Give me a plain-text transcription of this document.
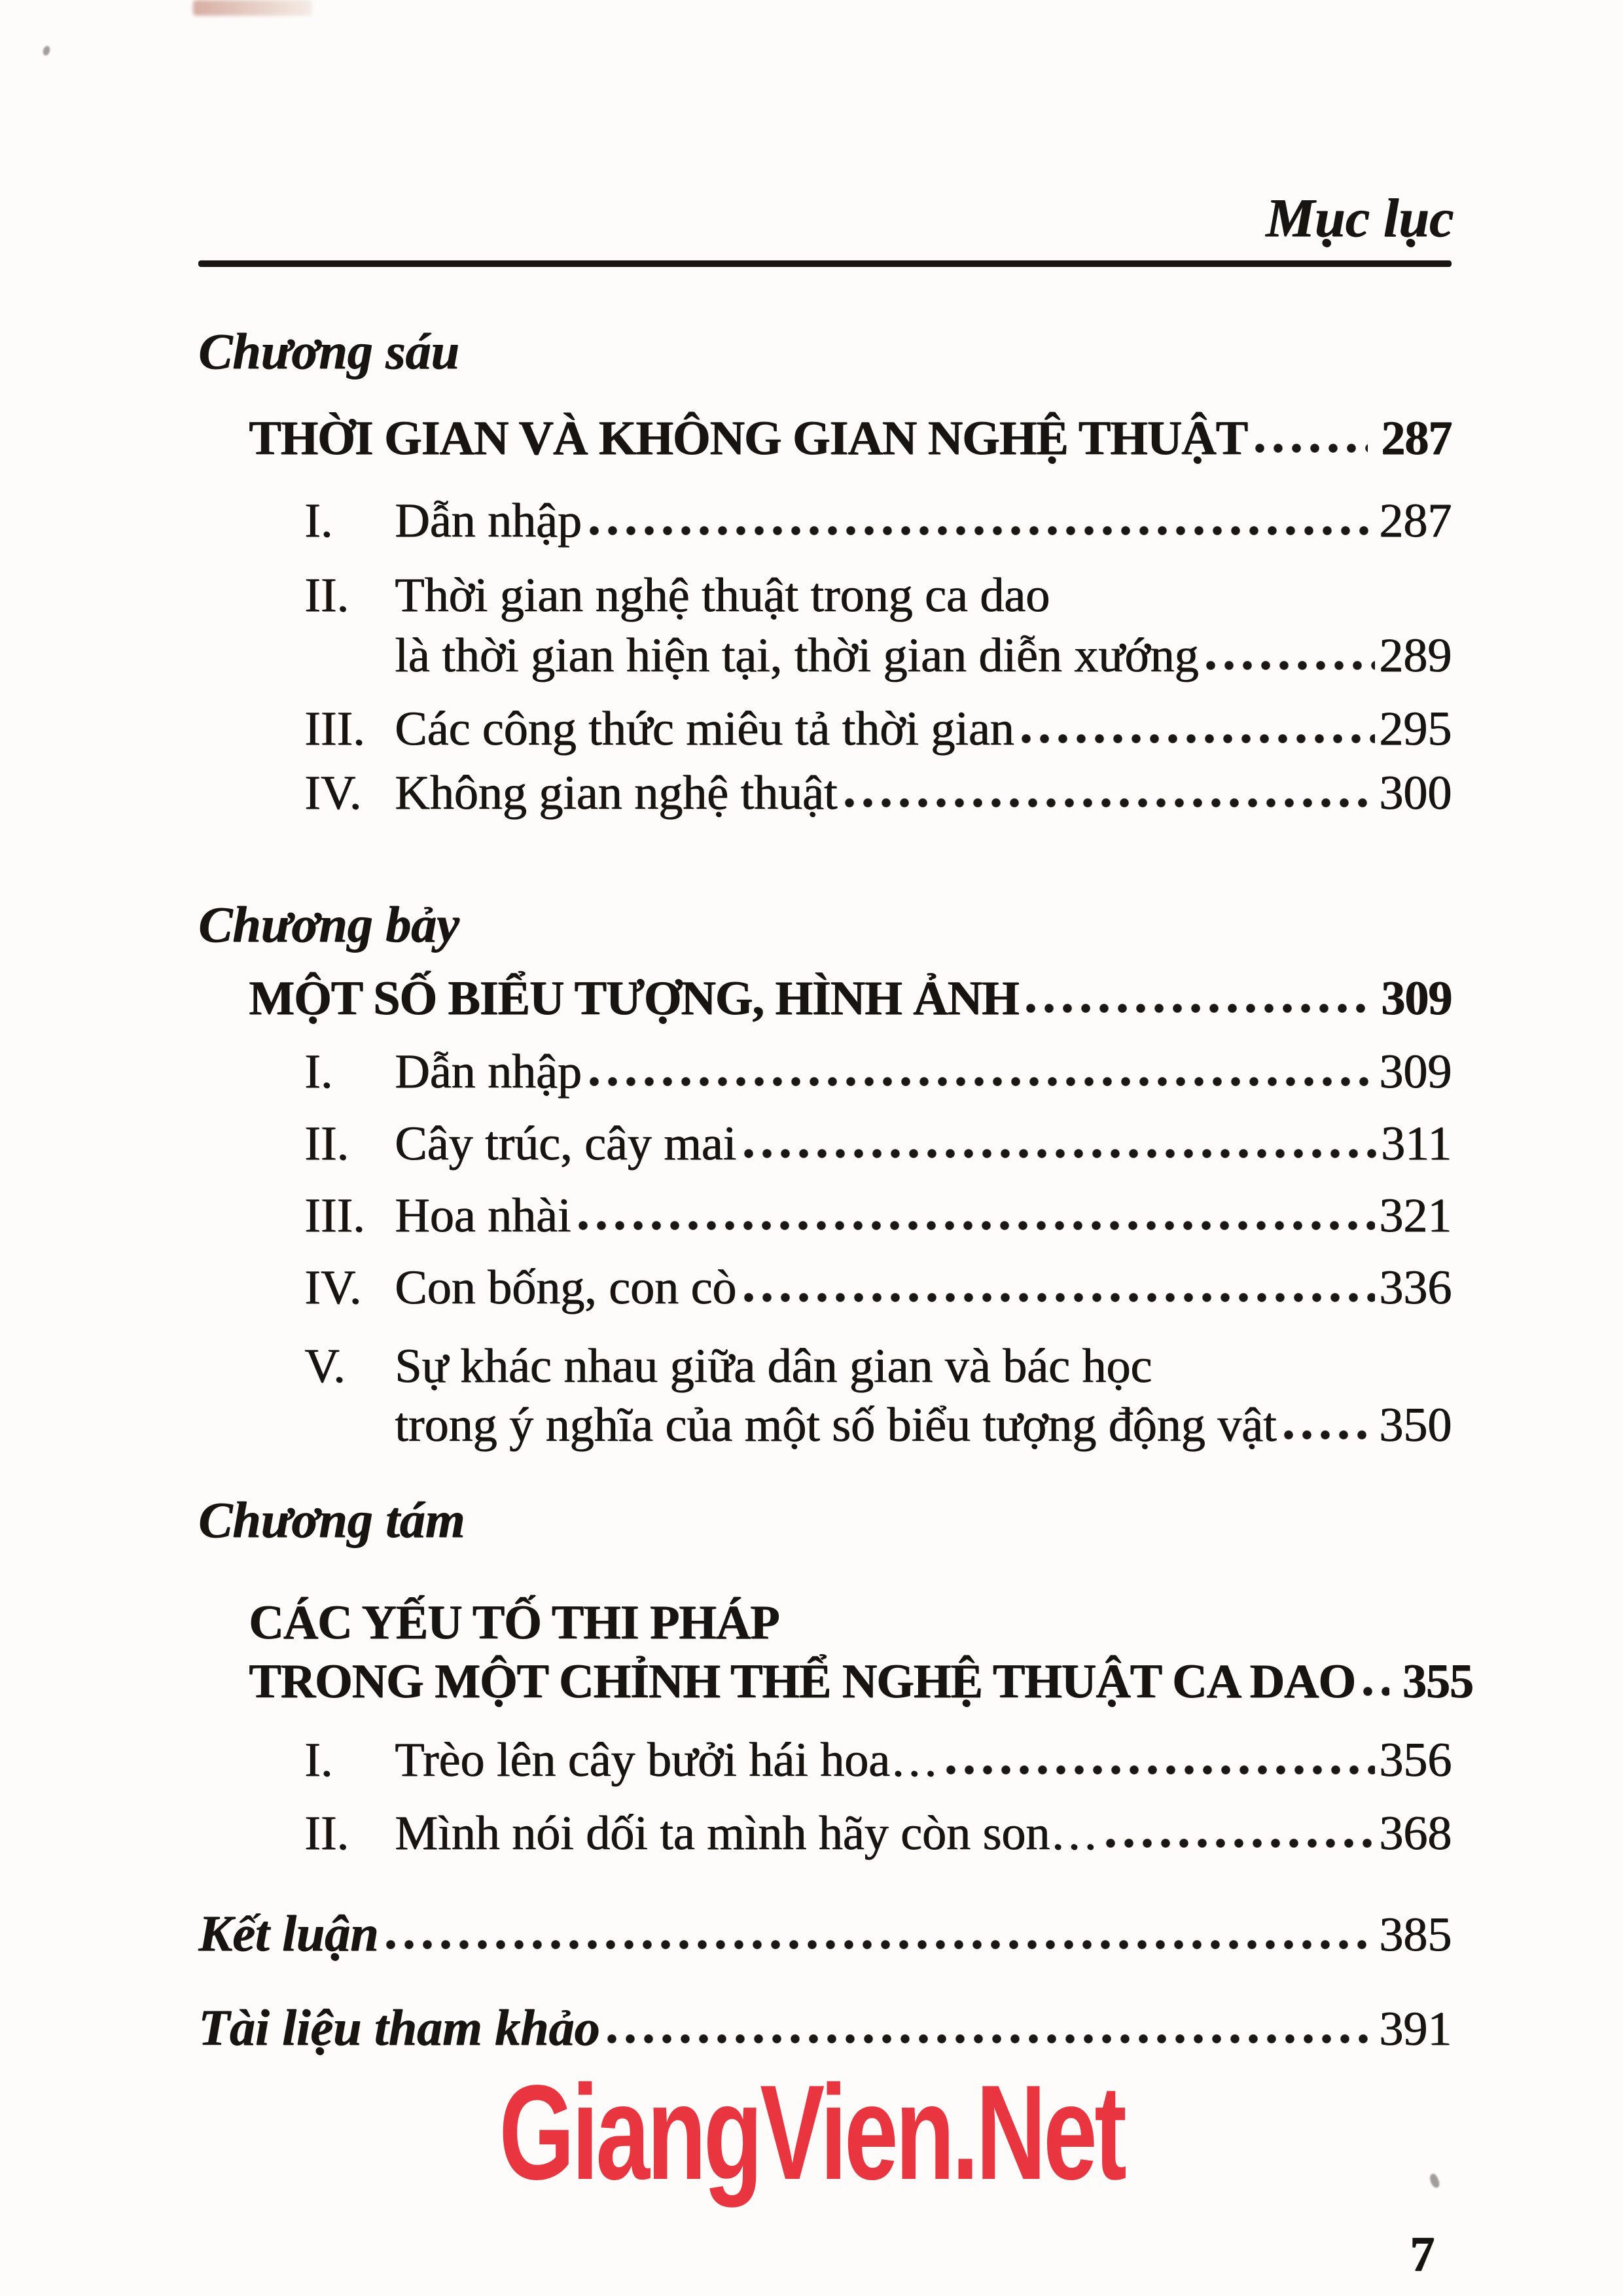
Mục lục
Chương sáu
THỜI GIAN VÀ KHÔNG GIAN NGHỆ THUẬT	287
I.	Dẫn nhập	287
II. Thời gian nghệ thuật trong ca dao
là thời gian hiện tại, thời gian diễn xướng	289
III. Các công thức miêu tả thời gian	295
IV. Không gian nghệ thuật	300
Chương bảy
MỘT SỐ BIỂU TƯỢNG, HÌNH ẢNH	309
I.	Dẫn nhập	309
II. Cây trúc, cây mai	311
III. Hoa nhài	321
IV. Con bống, con cò	336
V.	Sự khác nhau giữa dân gian và bác học
trong ý nghĩa của một số biểu tượng động vật 350
Chương tám
CÁC YẾU TỐ THI PHÁP
TRONG MỘT CHỈNH THỂ NGHỆ THUẬT CA DAO 355
I.	Trèo lên cây bưởi hái hoa…	356
II. Mình nói dối ta mình hãy còn son…	368
Kết luận	385
Tài liệu tham khảo	391
GiangVien.Net
7
